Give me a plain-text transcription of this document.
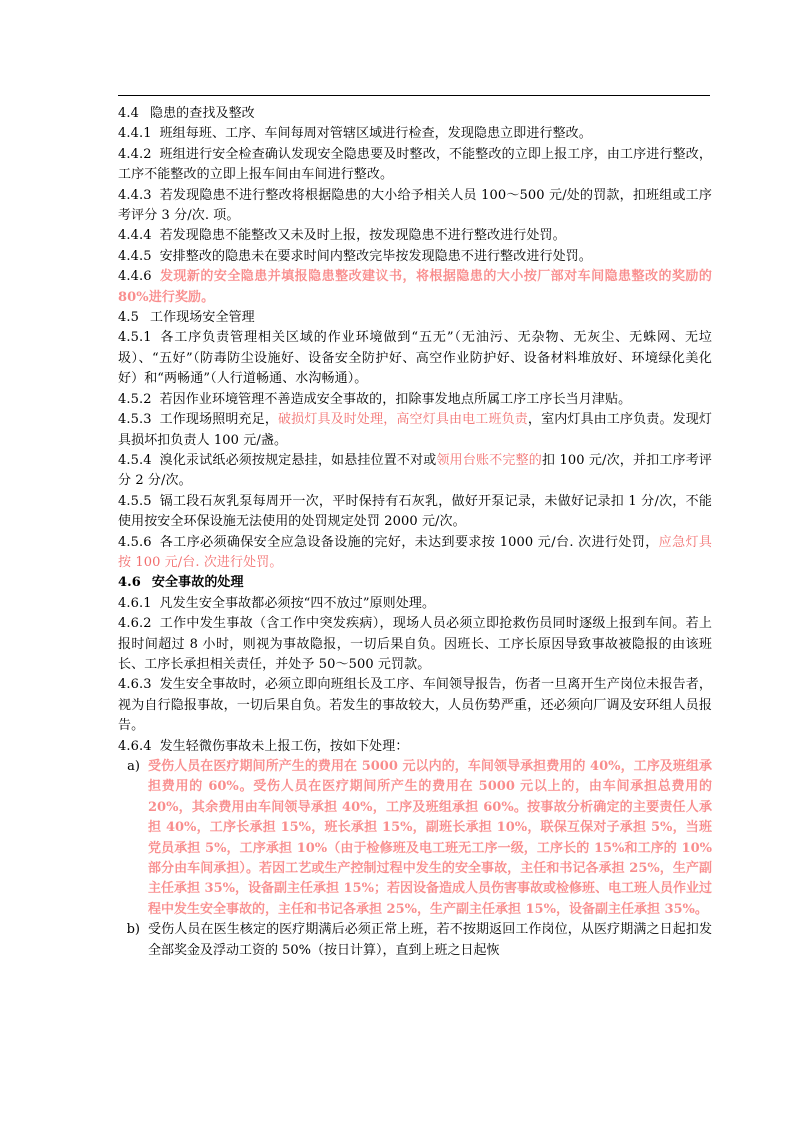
4.4 隐患的查找及整改

4.4.1 班组每班、工序、车间每周对管辖区域进行检查，发现隐患立即进行整改。

4.4.2 班组进行安全检查确认发现安全隐患要及时整改，不能整改的立即上报工序，由工序进行整改，工序不能整改的立即上报车间由车间进行整改。

4.4.3 若发现隐患不进行整改将根据隐患的大小给予相关人员 100～500 元/处的罚款，扣班组或工序考评分 3 分/次. 项。

4.4.4 若发现隐患不能整改又未及时上报，按发现隐患不进行整改进行处罚。

4.4.5 安排整改的隐患未在要求时间内整改完毕按发现隐患不进行整改进行处罚。

4.4.6 发现新的安全隐患并填报隐患整改建议书，将根据隐患的大小按厂部对车间隐患整改的奖励的 80%进行奖励。

4.5 工作现场安全管理

4.5.1 各工序负责管理相关区域的作业环境做到“五无”（无油污、无杂物、无灰尘、无蛛网、无垃圾）、“五好”（防毒防尘设施好、设备安全防护好、高空作业防护好、设备材料堆放好、环境绿化美化好）和“两畅通”（人行道畅通、水沟畅通）。

4.5.2 若因作业环境管理不善造成安全事故的，扣除事发地点所属工序工序长当月津贴。

4.5.3 工作现场照明充足，破损灯具及时处理，高空灯具由电工班负责，室内灯具由工序负责。发现灯具损坏扣负责人 100 元/盏。

4.5.4 溴化汞试纸必须按规定悬挂，如悬挂位置不对或领用台账不完整的扣 100 元/次，并扣工序考评分 2 分/次。

4.5.5 镉工段石灰乳泵每周开一次，平时保持有石灰乳，做好开泵记录，未做好记录扣 1 分/次，不能使用按安全环保设施无法使用的处罚规定处罚 2000 元/次。

4.5.6 各工序必须确保安全应急设备设施的完好，未达到要求按 1000 元/台. 次进行处罚，应急灯具按 100 元/台. 次进行处罚。

4.6 安全事故的处理

4.6.1 凡发生安全事故都必须按“四不放过”原则处理。

4.6.2 工作中发生事故（含工作中突发疾病），现场人员必须立即抢救伤员同时逐级上报到车间。若上报时间超过 8 小时，则视为事故隐报，一切后果自负。因班长、工序长原因导致事故被隐报的由该班长、工序长承担相关责任，并处予 50～500 元罚款。

4.6.3 发生安全事故时，必须立即向班组长及工序、车间领导报告，伤者一旦离开生产岗位未报告者，视为自行隐报事故，一切后果自负。若发生的事故较大，人员伤势严重，还必须向厂调及安环组人员报告。

4.6.4 发生轻微伤事故未上报工伤，按如下处理：

a) 受伤人员在医疗期间所产生的费用在 5000 元以内的，车间领导承担费用的 40%，工序及班组承担费用的 60%。受伤人员在医疗期间所产生的费用在 5000 元以上的，由车间承担总费用的 20%，其余费用由车间领导承担 40%，工序及班组承担 60%。按事故分析确定的主要责任人承担 40%，工序长承担 15%，班长承担 15%，副班长承担 10%，联保互保对子承担 5%，当班党员承担 5%，工序承担 10%（由于检修班及电工班无工序一级，工序长的 15%和工序的 10%部分由车间承担）。若因工艺或生产控制过程中发生的安全事故，主任和书记各承担 25%，生产副主任承担 35%，设备副主任承担 15%；若因设备造成人员伤害事故或检修班、电工班人员作业过程中发生安全事故的，主任和书记各承担 25%，生产副主任承担 15%，设备副主任承担 35%。
b) 受伤人员在医生核定的医疗期满后必须正常上班，若不按期返回工作岗位，从医疗期满之日起扣发全部奖金及浮动工资的 50%（按日计算），直到上班之日起恢
